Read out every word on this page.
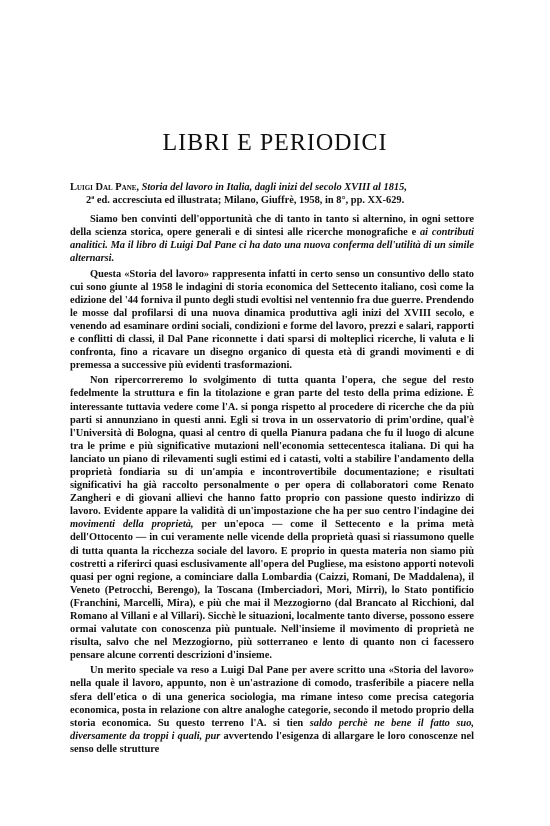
LIBRI E PERIODICI

Luigi Dal Pane, Storia del lavoro in Italia, dagli inizi del secolo XVIII al 1815,
2ª ed. accresciuta ed illustrata; Milano, Giuffrè, 1958, in 8°, pp. XX-629.

Siamo ben convinti dell'opportunità che di tanto in tanto si alternino, in ogni settore della scienza storica, opere generali e di sintesi alle ricerche monografiche e ai contributi analitici. Ma il libro di Luigi Dal Pane ci ha dato una nuova conferma dell'utilità di un simile alternarsi.

Questa «Storia del lavoro» rappresenta infatti in certo senso un consuntivo dello stato cui sono giunte al 1958 le indagini di storia economica del Settecento italiano, così come la edizione del '44 forniva il punto degli studi evoltisi nel ventennio fra due guerre. Prendendo le mosse dal profilarsi di una nuova dinamica produttiva agli inizi del XVIII secolo, e venendo ad esaminare ordini sociali, condizioni e forme del lavoro, prezzi e salari, rapporti e conflitti di classi, il Dal Pane riconnette i dati sparsi di molteplici ricerche, li valuta e li confronta, fino a ricavare un disegno organico di questa età di grandi movimenti e di premessa a successive più evidenti trasformazioni.

Non ripercorreremo lo svolgimento di tutta quanta l'opera, che segue del resto fedelmente la struttura e fin la titolazione e gran parte del testo della prima edizione. È interessante tuttavia vedere come l'A. si ponga rispetto al procedere di ricerche che da più parti si annunziano in questi anni. Egli si trova in un osservatorio di prim'ordine, qual'è l'Università di Bologna, quasi al centro di quella Pianura padana che fu il luogo di alcune tra le prime e più significative mutazioni nell'economia settecentesca italiana. Di qui ha lanciato un piano di rilevamenti sugli estimi ed i catasti, volti a stabilire l'andamento della proprietà fondiaria su di un'ampia e incontrovertibile documentazione; e risultati significativi ha già raccolto personalmente o per opera di collaboratori come Renato Zangheri e di giovani allievi che hanno fatto proprio con passione questo indirizzo di lavoro. Evidente appare la validità di un'impostazione che ha per suo centro l'indagine dei movimenti della proprietà, per un'epoca — come il Settecento e la prima metà dell'Ottocento — in cui veramente nelle vicende della proprietà quasi si riassumono quelle di tutta quanta la ricchezza sociale del lavoro. E proprio in questa materia non siamo più costretti a riferirci quasi esclusivamente all'opera del Pugliese, ma esistono apporti notevoli quasi per ogni regione, a cominciare dalla Lombardia (Caizzi, Romani, De Maddalena), il Veneto (Petrocchi, Berengo), la Toscana (Imberciadori, Mori, Mirri), lo Stato pontificio (Franchini, Marcelli, Mira), e più che mai il Mezzogiorno (dal Brancato al Ricchioni, dal Romano al Villani e al Villari). Sicchè le situazioni, localmente tanto diverse, possono essere ormai valutate con conoscenza più puntuale. Nell'insieme il movimento di proprietà ne risulta, salvo che nel Mezzogiorno, più sotterraneo e lento di quanto non ci facessero pensare alcune correnti descrizioni d'insieme.

Un merito speciale va reso a Luigi Dal Pane per avere scritto una «Storia del lavoro» nella quale il lavoro, appunto, non è un'astrazione di comodo, trasferibile a piacere nella sfera dell'etica o di una generica sociologia, ma rimane inteso come precisa categoria economica, posta in relazione con altre analoghe categorie, secondo il metodo proprio della storia economica. Su questo terreno l'A. si tien saldo perchè ne bene il fatto suo, diversamente da troppi i quali, pur avvertendo l'esigenza di allargare le loro conoscenze nel senso delle strutture
